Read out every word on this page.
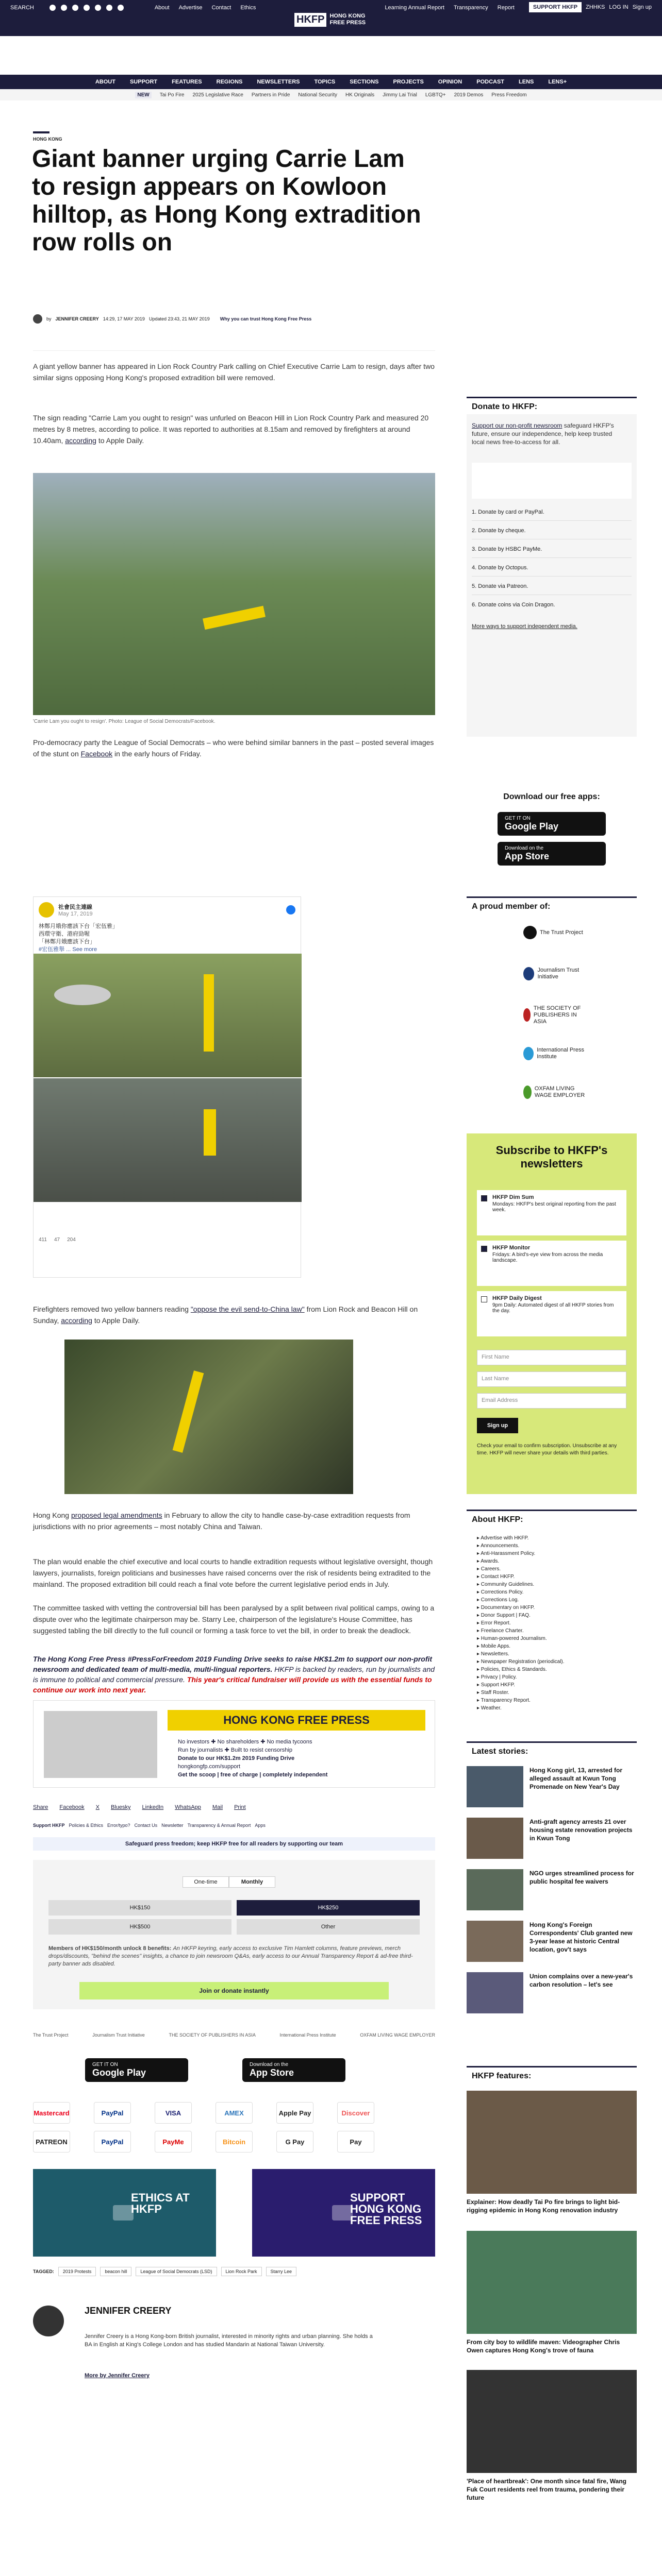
SEARCH	About Advertise Contact Ethics	Learning Annual Report Transparency Report	SUPPORT HKFP	ZHHKS LOG IN Sign up
HKFP HONG KONG
FREE PRESS
ABOUT	SUPPORT	FEATURES	REGIONS	NEWSLETTERS	TOPICS	SECTIONS	PROJECTS	OPINION	PODCAST	LENS	LENS+
NEW	Tai Po Fire 2025 Legislative Race Partners in Pride National Security HK Originals Jimmy Lai Trial LGBTQ+ 2019 Demos Press Freedom
HONG KONG
Giant banner urging Carrie Lam to resign appears on Kowloon hilltop, as Hong Kong extradition row rolls on
by JENNIFER CREERY 14:29, 17 MAY 2019 Updated 23:43, 21 MAY 2019 Why you can trust Hong Kong Free Press

A giant yellow banner has appeared in Lion Rock Country Park calling on Chief Executive Carrie Lam to resign, days after two similar signs opposing Hong Kong's proposed extradition bill were removed.

The sign reading "Carrie Lam you ought to resign" was unfurled on Beacon Hill in Lion Rock Country Park and measured 20 metres by 8 metres, according to police. It was reported to authorities at 8.15am and removed by firefighters at around 10.40am, according to Apple Daily.

'Carrie Lam you ought to resign'. Photo: League of Social Democrats/Facebook.

Pro-democracy party the League of Social Democrats – who were behind similar banners in the past – posted several images of the stunt on Facebook in the early hours of Friday.

社會民主連線
May 17, 2019
林鄭月娥你應該下台「宏伍雅」
西環守衛、港府勁喔
「林鄭月娥應該下台」
#宏伍雅舉 ... See more
411 47 204

Firefighters removed two yellow banners reading "oppose the evil send-to-China law" from Lion Rock and Beacon Hill on Sunday, according to Apple Daily.

Hong Kong proposed legal amendments in February to allow the city to handle case-by-case extradition requests from jurisdictions with no prior agreements – most notably China and Taiwan.

The plan would enable the chief executive and local courts to handle extradition requests without legislative oversight, though lawyers, journalists, foreign politicians and businesses have raised concerns over the risk of residents being extradited to the mainland. The proposed extradition bill could reach a final vote before the current legislative period ends in July.

The committee tasked with vetting the controversial bill has been paralysed by a split between rival political camps, owing to a dispute over who the legitimate chairperson may be. Starry Lee, chairperson of the legislature's House Committee, has suggested tabling the bill directly to the full council or forming a task force to vet the bill, in order to break the deadlock.

The Hong Kong Free Press #PressForFreedom 2019 Funding Drive seeks to raise HK$1.2m to support our non-profit newsroom and dedicated team of multi-media, multi-lingual reporters. HKFP is backed by readers, run by journalists and is immune to political and commercial pressure. This year's critical fundraiser will provide us with the essential funds to continue our work into next year.
HONG KONG FREE PRESS
No investors ✚ No shareholders ✚ No media tycoons
Run by journalists ✚ Built to resist censorship
Donate to our HK$1.2m 2019 Funding Drive
hongkongfp.com/support
Get the scoop | free of charge | completely independent
Share Facebook X Bluesky LinkedIn WhatsApp Mail Print
Support HKFP Policies & Ethics Error/typo? Contact Us Newsletter Transparency & Annual Report Apps
Safeguard press freedom; keep HKFP free for all readers by supporting our team
One-time	Monthly
HK$150	HK$250
HK$500	Other
Members of HK$150/month unlock 8 benefits: An HKFP keyring, early access to exclusive Tim Hamlett columns, feature previews, merch drops/discounts, "behind the scenes" insights, a chance to join newsroom Q&As, early access to our Annual Transparency Report & ad-free third-party banner ads disabled.
Join or donate instantly
The Trust Project	Journalism Trust Initiative	THE SOCIETY OF PUBLISHERS IN ASIA	International Press Institute	OXFAM LIVING WAGE EMPLOYER
GET IT ON
Google Play
Download on the
App Store
Mastercard	PayPal	VISA	AMEX	Apple Pay	Discover
PATREON	PayPal	PayMe	Bitcoin	G Pay	Pay
ETHICS AT HKFP
SUPPORT HONG KONG FREE PRESS
TAGGED:	2019 Protests	beacon hill	League of Social Democrats (LSD)	Lion Rock Park	Starry Lee
JENNIFER CREERY
Jennifer Creery is a Hong Kong-born British journalist, interested in minority rights and urban planning. She holds a BA in English at King's College London and has studied Mandarin at National Taiwan University.
More by Jennifer Creery
Donate to HKFP:
Support our non-profit newsroom safeguard HKFP's future, ensure our independence, help keep trusted local news free-to-access for all.
1. Donate by card or PayPal.
2. Donate by cheque.
3. Donate by HSBC PayMe.
4. Donate by Octopus.
5. Donate via Patreon.
6. Donate coins via Coin Dragon.
More ways to support independent media.
Download our free apps:
GET IT ON
Google Play
Download on the
App Store
A proud member of:
The Trust Project
Journalism Trust Initiative
THE SOCIETY OF PUBLISHERS IN ASIA
International Press Institute
OXFAM LIVING WAGE EMPLOYER
Subscribe to HKFP's newsletters
HKFP Dim Sum
Mondays: HKFP's best original reporting from the past week.
HKFP Monitor
Fridays: A bird's-eye view from across the media landscape.
HKFP Daily Digest
9pm Daily: Automated digest of all HKFP stories from the day.
First Name
Last Name
Email Address
Sign up
Check your email to confirm subscription. Unsubscribe at any time. HKFP will never share your details with third parties.
About HKFP:
▸ Advertise with HKFP.
▸ Announcements.
▸ Anti-Harassment Policy.
▸ Awards.
▸ Careers.
▸ Contact HKFP.
▸ Community Guidelines.
▸ Corrections Policy.
▸ Corrections Log.
▸ Documentary on HKFP.
▸ Donor Support | FAQ.
▸ Error Report.
▸ Freelance Charter.
▸ Human-powered Journalism.
▸ Mobile Apps.
▸ Newsletters.
▸ Newspaper Registration (periodical).
▸ Policies, Ethics & Standards.
▸ Privacy | Policy.
▸ Support HKFP.
▸ Staff Roster.
▸ Transparency Report.
▸ Weather.
Latest stories:
Hong Kong girl, 13, arrested for alleged assault at Kwun Tong Promenade on New Year's Day
Anti-graft agency arrests 21 over housing estate renovation projects in Kwun Tong
NGO urges streamlined process for public hospital fee waivers
Hong Kong's Foreign Correspondents' Club granted new 3-year lease at historic Central location, gov't says
Union complains over a new-year's carbon resolution – let's see
HKFP features:
Explainer: How deadly Tai Po fire brings to light bid-rigging epidemic in Hong Kong renovation industry
From city boy to wildlife maven: Videographer Chris Owen captures Hong Kong's trove of fauna
'Place of heartbreak': One month since fatal fire, Wang Fuk Court residents reel from trauma, pondering their future
